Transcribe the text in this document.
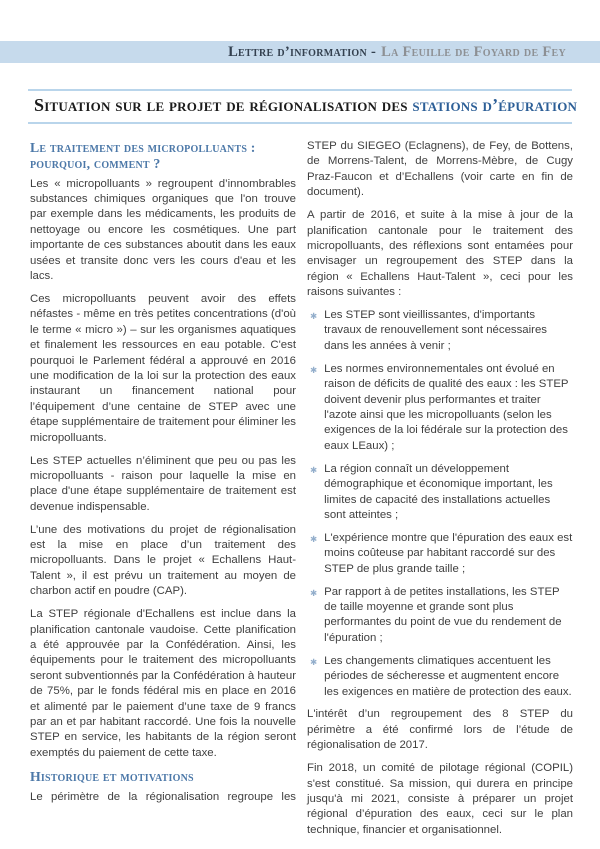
Lettre d’information - La Feuille de Foyard de Fey
Situation sur le projet de régionalisation des stations d’épuration
Le traitement des micropolluants : pourquoi, comment ?

Les « micropolluants » regroupent d’innombrables substances chimiques organiques que l'on trouve par exemple dans les médicaments, les produits de nettoyage ou encore les cosmétiques. Une part importante de ces substances aboutit dans les eaux usées et transite donc vers les cours d'eau et les lacs.

Ces micropolluants peuvent avoir des effets néfastes - même en très petites concentrations (d'où le terme « micro ») – sur les organismes aquatiques et finalement les ressources en eau potable. C'est pourquoi le Parlement fédéral a approuvé en 2016 une modification de la loi sur la protection des eaux instaurant un financement national pour l’équipement d’une centaine de STEP avec une étape supplémentaire de traitement pour éliminer les micropolluants.

Les STEP actuelles n’éliminent que peu ou pas les micropolluants - raison pour laquelle la mise en place d'une étape supplémentaire de traitement est devenue indispensable.

L’une des motivations du projet de régionalisation est la mise en place d’un traitement des micropolluants. Dans le projet « Echallens Haut-Talent », il est prévu un traitement au moyen de charbon actif en poudre (CAP).

La STEP régionale d'Echallens est inclue dans la planification cantonale vaudoise. Cette planification a été approuvée par la Confédération. Ainsi, les équipements pour le traitement des micropolluants seront subventionnés par la Confédération à hauteur de 75%, par le fonds fédéral mis en place en 2016 et alimenté par le paiement d’une taxe de 9 francs par an et par habitant raccordé. Une fois la nouvelle STEP en service, les habitants de la région seront exemptés du paiement de cette taxe.

Historique et motivations

Le périmètre de la régionalisation regroupe les

STEP du SIEGEO (Eclagnens), de Fey, de Bottens, de Morrens-Talent, de Morrens-Mèbre, de Cugy Praz-Faucon et d’Echallens (voir carte en fin de document).

A partir de 2016, et suite à la mise à jour de la planification cantonale pour le traitement des micropolluants, des réflexions sont entamées pour envisager un regroupement des STEP dans la région « Echallens Haut-Talent », ceci pour les raisons suivantes :

✱ Les STEP sont vieillissantes, d'importants travaux de renouvellement sont nécessaires dans les années à venir ;
✱ Les normes environnementales ont évolué en raison de déficits de qualité des eaux : les STEP doivent devenir plus performantes et traiter l'azote ainsi que les micropolluants (selon les exigences de la loi fédérale sur la protection des eaux LEaux) ;
✱ La région connaît un développement démographique et économique important, les limites de capacité des installations actuelles sont atteintes ;
✱ L'expérience montre que l'épuration des eaux est moins coûteuse par habitant raccordé sur des STEP de plus grande taille ;
✱ Par rapport à de petites installations, les STEP de taille moyenne et grande sont plus performantes du point de vue du rendement de l'épuration ;
✱ Les changements climatiques accentuent les périodes de sécheresse et augmentent encore les exigences en matière de protection des eaux.

L'intérêt d’un regroupement des 8 STEP du périmètre a été confirmé lors de l’étude de régionalisation de 2017.

Fin 2018, un comité de pilotage régional (COPIL) s'est constitué. Sa mission, qui durera en principe jusqu'à mi 2021, consiste à préparer un projet régional d’épuration des eaux, ceci sur le plan technique, financier et organisationnel.
